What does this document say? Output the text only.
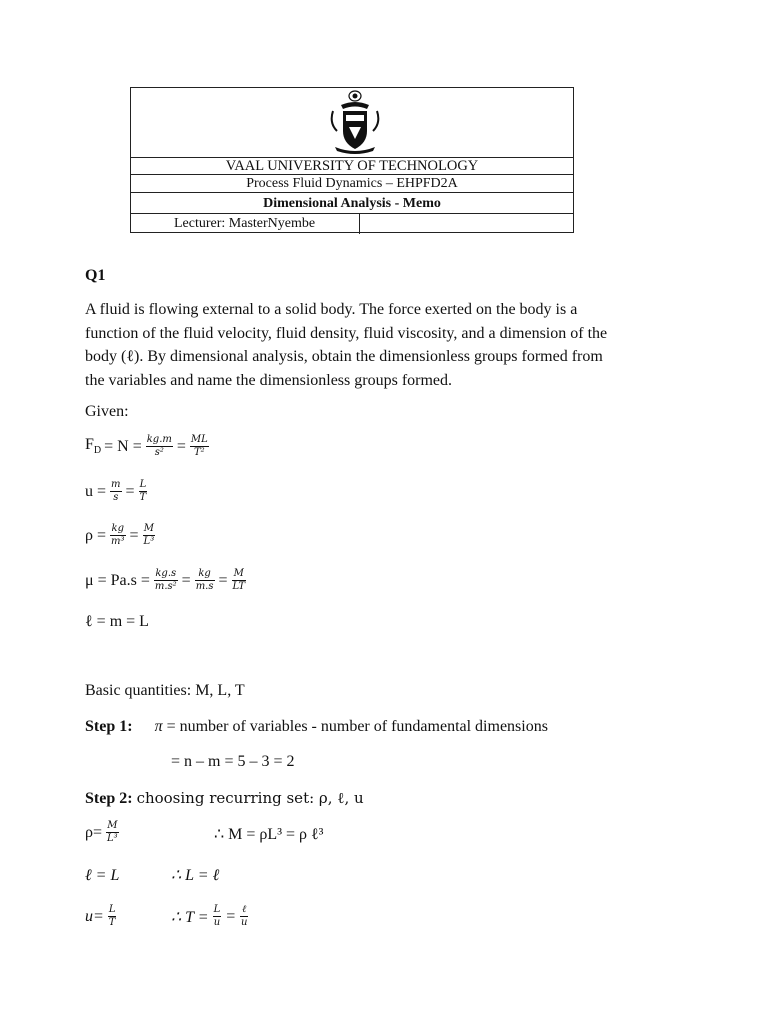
VAAL UNIVERSITY OF TECHNOLOGY
Process Fluid Dynamics – EHPFD2A
Dimensional Analysis - Memo
Lecturer: MasterNyembe
Q1
A fluid is flowing external to a solid body. The force exerted on the body is a function of the fluid velocity, fluid density, fluid viscosity, and a dimension of the body (ℓ). By dimensional analysis, obtain the dimensionless groups formed from the variables and name the dimensionless groups formed.
Given:
$F_D = N = \frac{kg.m}{\text{s²}} = \frac{ML}{\text{T²}}$
$u = \frac{m}{s} = \frac{L}{T}$
$\rho = \frac{kg}{\text{m³}} = \frac{M}{\text{L³}}$
$\mu = Pa.s = \frac{kg.s}{\text{m.s²}} = \frac{kg}{m.s} = \frac{M}{LT}$
ℓ = m = L
Basic quantities: M, L, T
Step 1: π = number of variables - number of fundamental dimensions
= n – m = 5 – 3 = 2
Step 2: choosing recurring set: ρ, ℓ, u
$\rho= \frac{M}{\text{L³}}$	∴ M = ρL³ = ρ ℓ³
ℓ = L	∴ L = ℓ
$u= \frac{L}{T}$	∴ $T = \frac{L}{u} = \frac{\text{ℓ}}{u}$
